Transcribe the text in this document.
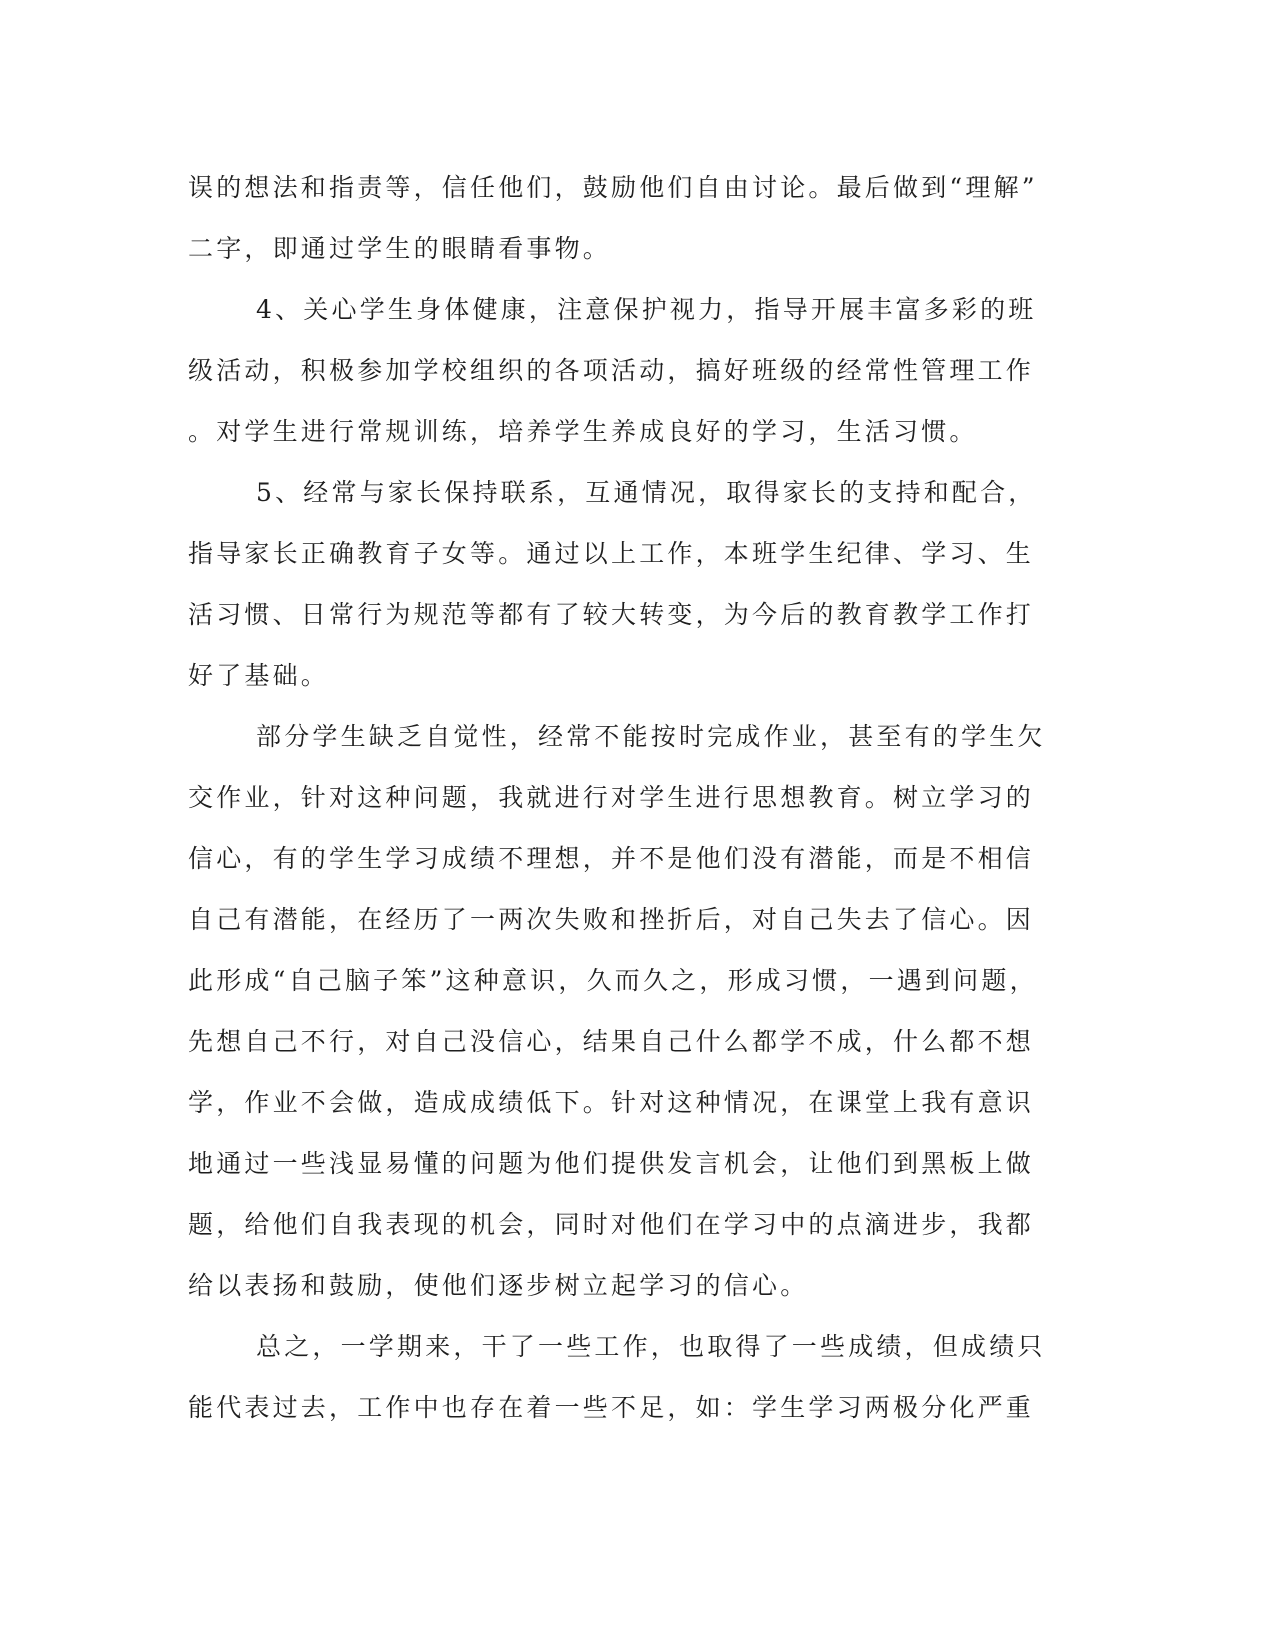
误的想法和指责等，信任他们，鼓励他们自由讨论。最后做到“理解”
二字，即通过学生的眼睛看事物。
4、关心学生身体健康，注意保护视力，指导开展丰富多彩的班
级活动，积极参加学校组织的各项活动，搞好班级的经常性管理工作
。对学生进行常规训练，培养学生养成良好的学习，生活习惯。
5、经常与家长保持联系，互通情况，取得家长的支持和配合，
指导家长正确教育子女等。通过以上工作，本班学生纪律、学习、生
活习惯、日常行为规范等都有了较大转变，为今后的教育教学工作打
好了基础。
部分学生缺乏自觉性，经常不能按时完成作业，甚至有的学生欠
交作业，针对这种问题，我就进行对学生进行思想教育。树立学习的
信心，有的学生学习成绩不理想，并不是他们没有潜能，而是不相信
自己有潜能，在经历了一两次失败和挫折后，对自己失去了信心。因
此形成“自己脑子笨”这种意识，久而久之，形成习惯，一遇到问题，
先想自己不行，对自己没信心，结果自己什么都学不成，什么都不想
学，作业不会做，造成成绩低下。针对这种情况，在课堂上我有意识
地通过一些浅显易懂的问题为他们提供发言机会，让他们到黑板上做
题，给他们自我表现的机会，同时对他们在学习中的点滴进步，我都
给以表扬和鼓励，使他们逐步树立起学习的信心。
总之，一学期来，干了一些工作，也取得了一些成绩，但成绩只
能代表过去，工作中也存在着一些不足，如：学生学习两极分化严重
